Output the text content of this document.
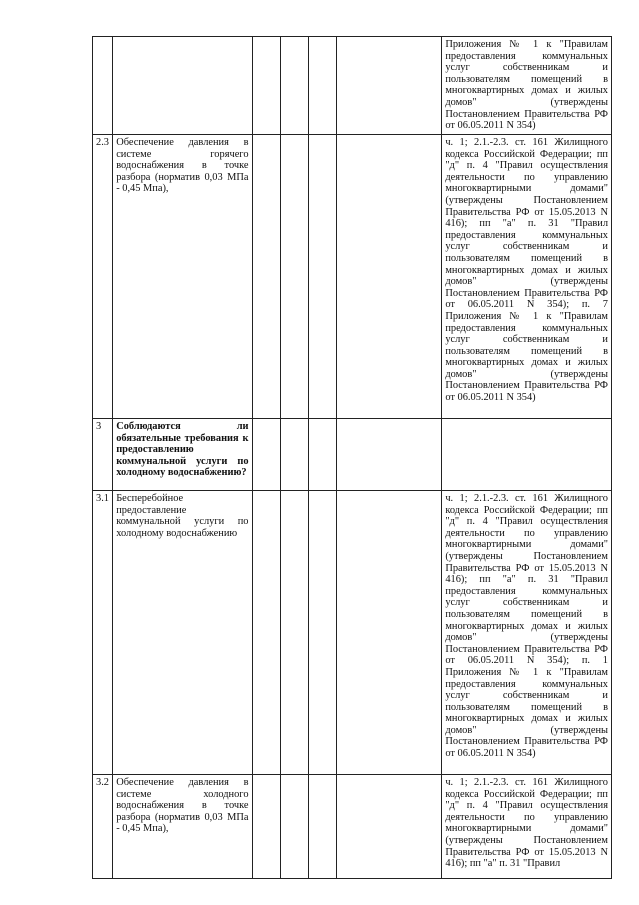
						Приложения № 1 к "Правилам предоставления коммунальных услуг собственникам и пользователям помещений в многоквартирных домах и жилых домов" (утверждены Постановлением Правительства РФ от 06.05.2011 N 354)
2.3	Обеспечение давления в системе горячего водоснабжения в точке разбора (норматив 0,03 МПа - 0,45 Мпа),					ч. 1; 2.1.-2.3. ст. 161 Жилищного кодекса Российской Федерации; пп "д" п. 4 "Правил осуществления деятельности по управлению многоквартирными домами" (утверждены Постановлением Правительства РФ от 15.05.2013 N 416); пп "а" п. 31 "Правил предоставления коммунальных услуг собственникам и пользователям помещений в многоквартирных домах и жилых домов" (утверждены Постановлением Правительства РФ от 06.05.2011 N 354); п. 7 Приложения № 1 к "Правилам предоставления коммунальных услуг собственникам и пользователям помещений в многоквартирных домах и жилых домов" (утверждены Постановлением Правительства РФ от 06.05.2011 N 354)
3	Соблюдаются ли обязательные требования к предоставлению коммунальной услуги по холодному водоснабжению?					
3.1	Бесперебойное предоставление коммунальной услуги по холодному водоснабжению					ч. 1; 2.1.-2.3. ст. 161 Жилищного кодекса Российской Федерации; пп "д" п. 4 "Правил осуществления деятельности по управлению многоквартирными домами" (утверждены Постановлением Правительства РФ от 15.05.2013 N 416); пп "а" п. 31 "Правил предоставления коммунальных услуг собственникам и пользователям помещений в многоквартирных домах и жилых домов" (утверждены Постановлением Правительства РФ от 06.05.2011 N 354); п. 1 Приложения № 1 к "Правилам предоставления коммунальных услуг собственникам и пользователям помещений в многоквартирных домах и жилых домов" (утверждены Постановлением Правительства РФ от 06.05.2011 N 354)
3.2	Обеспечение давления в системе холодного водоснабжения в точке разбора (норматив 0,03 МПа - 0,45 Мпа),					ч. 1; 2.1.-2.3. ст. 161 Жилищного кодекса Российской Федерации; пп "д" п. 4 "Правил осуществления деятельности по управлению многоквартирными домами" (утверждены Постановлением Правительства РФ от 15.05.2013 N 416); пп "а" п. 31 "Правил
